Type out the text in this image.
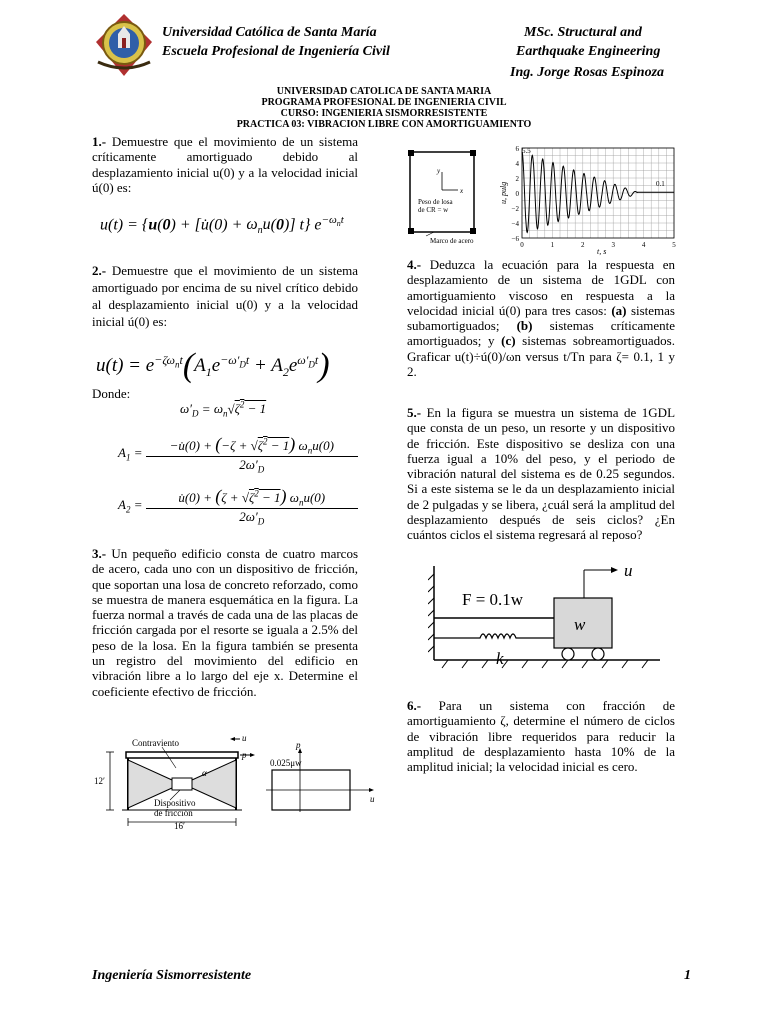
Universidad Católica de Santa María
Escuela Profesional de Ingeniería Civil
MSc. Structural and
Earthquake Engineering
Ing. Jorge Rosas Espinoza
UNIVERSIDAD CATOLICA DE SANTA MARIA
PROGRAMA PROFESIONAL DE INGENIERIA CIVIL
CURSO: INGENIERIA SISMORRESISTENTE
PRACTICA 03: VIBRACION LIBRE CON AMORTIGUAMIENTO
1.- Demuestre que el movimiento de un sistema críticamente amortiguado debido al desplazamiento inicial u(0) y a la velocidad inicial ú(0) es:
u(t) = {u(0) + [u̇(0) + $\omega_nu(0)$] t} $e^{-\omega_nt}$
2.- Demuestre que el movimiento de un sistema amortiguado por encima de su nivel crítico debido al desplazamiento inicial u(0) y a la velocidad inicial ú(0) es:
$u(t) = e^{-\zeta\omega_nt}(A_1e^{-\omega'_Dt} + A_2e^{\omega'_Dt})$
Donde:
$\omega'_D = \omega_n√\zeta^2 - 1$
$A_1 = \frac{-u̇(0) + (-\zeta + √\zeta^2 - 1) \omega_nu(0)}{2\omega'_D}$
$A_2 = \frac{u̇(0) + (\zeta + √\zeta^2 - 1) \omega_nu(0)}{2\omega'_D}$
3.- Un pequeño edificio consta de cuatro marcos de acero, cada uno con un dispositivo de fricción, que soportan una losa de concreto reforzado, como se muestra de manera esquemática en la figura. La fuerza normal a través de cada una de las placas de fricción cargada por el resorte se iguala a 2.5% del peso de la losa. En la figura también se presenta un registro del movimiento del edificio en vibración libre a lo largo del eje x. Determine el coeficiente efectivo de fricción.
Contraviento	u
p
α
12′
Dispositivo
de fricción
16′
p
0.025μw
u
y
x
Peso de losa
de CR = w
Marco de acero
6
4
2
0
−2
−4
−6
0	1	2	3	4	5
u, pulg
t, s
5.5
0.1
4.- Deduzca la ecuación para la respuesta en desplazamiento de un sistema de 1GDL con amortiguamiento viscoso en respuesta a la velocidad inicial ú(0) para tres casos: (a) sistemas subamortiguados; (b) sistemas críticamente amortiguados; y (c) sistemas sobreamortiguados. Graficar u(t)÷ú(0)/ωn versus t/Tn para ζ= 0.1, 1 y 2.
5.- En la figura se muestra un sistema de 1GDL que consta de un peso, un resorte y un dispositivo de fricción. Este dispositivo se desliza con una fuerza igual a 10% del peso, y el periodo de vibración natural del sistema es de 0.25 segundos. Si a este sistema se le da un desplazamiento inicial de 2 pulgadas y se libera, ¿cuál será la amplitud del desplazamiento después de seis ciclos? ¿En cuántos ciclos el sistema regresará al reposo?
F = 0.1w
w
k
u
6.- Para un sistema con fracción de amortiguamiento ζ, determine el número de ciclos de vibración libre requeridos para reducir la amplitud de desplazamiento hasta 10% de la amplitud inicial; la velocidad inicial es cero.
Ingeniería Sismorresistente	1
